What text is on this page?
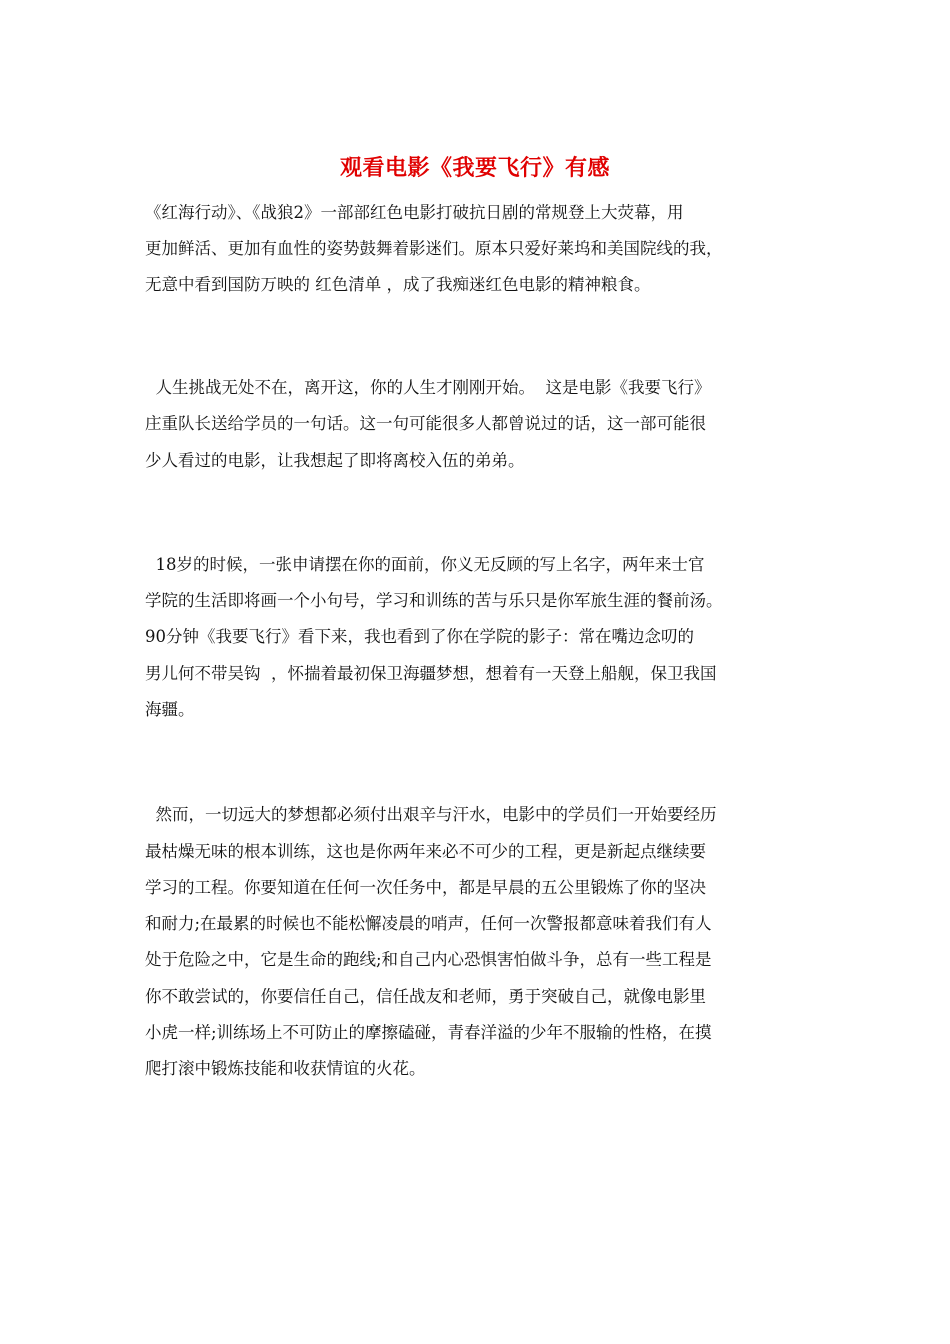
观看电影《我要飞行》有感
《红海行动》、《战狼2》一部部红色电影打破抗日剧的常规登上大荧幕，用
更加鲜活、更加有血性的姿势鼓舞着影迷们。原本只爱好莱坞和美国院线的我，
无意中看到国防万映的 红色清单 ，成了我痴迷红色电影的精神粮食。
人生挑战无处不在，离开这，你的人生才刚刚开始。  这是电影《我要飞行》
庄重队长送给学员的一句话。这一句可能很多人都曾说过的话，这一部可能很
少人看过的电影，让我想起了即将离校入伍的弟弟。
18岁的时候，一张申请摆在你的面前，你义无反顾的写上名字，两年来士官
学院的生活即将画一个小句号，学习和训练的苦与乐只是你军旅生涯的餐前汤。
90分钟《我要飞行》看下来，我也看到了你在学院的影子：常在嘴边念叨的
男儿何不带吴钩  ，怀揣着最初保卫海疆梦想，想着有一天登上船舰，保卫我国
海疆。
然而，一切远大的梦想都必须付出艰辛与汗水，电影中的学员们一开始要经历
最枯燥无味的根本训练，这也是你两年来必不可少的工程，更是新起点继续要
学习的工程。你要知道在任何一次任务中，都是早晨的五公里锻炼了你的坚决
和耐力;在最累的时候也不能松懈凌晨的哨声，任何一次警报都意味着我们有人
处于危险之中，它是生命的跑线;和自己内心恐惧害怕做斗争，总有一些工程是
你不敢尝试的，你要信任自己，信任战友和老师，勇于突破自己，就像电影里
小虎一样;训练场上不可防止的摩擦磕碰，青春洋溢的少年不服输的性格，在摸
爬打滚中锻炼技能和收获情谊的火花。
